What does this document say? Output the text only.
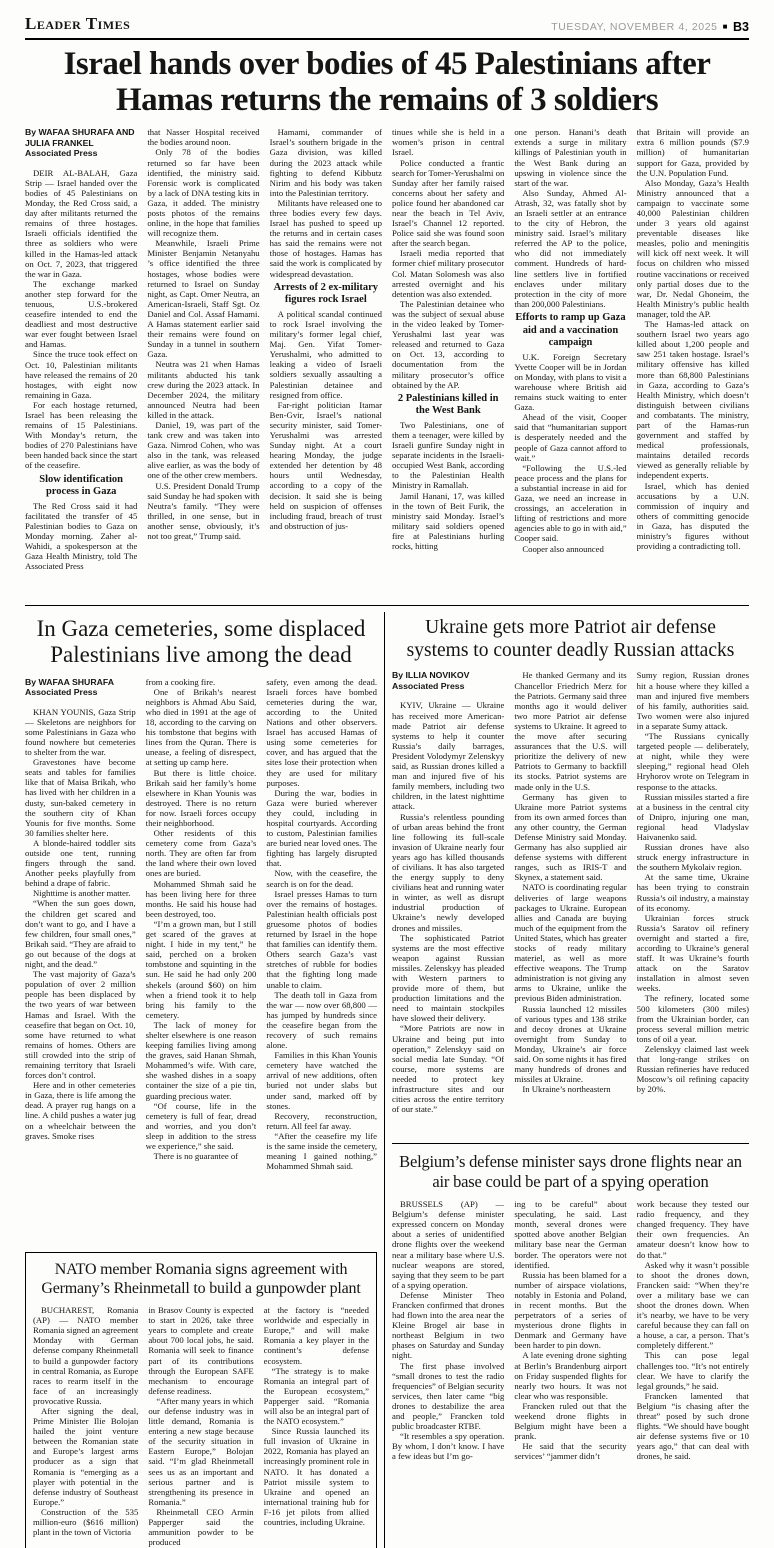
Leader Times	TUESDAY, NOVEMBER 4, 2025 ■ B3
Israel hands over bodies of 45 Palestinians after Hamas returns the remains of 3 soldiers

By WAFAA SHURAFA AND JULIA FRANKEL

Associated Press

DEIR AL-BALAH, Gaza Strip — Israel handed over the bodies of 45 Palestinians on Monday, the Red Cross said, a day after militants returned the remains of three hostages. Israeli officials identified the three as soldiers who were killed in the Hamas-led attack on Oct. 7, 2023, that triggered the war in Gaza.

The exchange marked another step forward for the tenuous, U.S.-brokered ceasefire intended to end the deadliest and most destructive war ever fought between Israel and Hamas.

Since the truce took effect on Oct. 10, Palestinian militants have released the remains of 20 hostages, with eight now remaining in Gaza.

For each hostage returned, Israel has been releasing the remains of 15 Palestinians. With Monday’s return, the bodies of 270 Palestinians have been handed back since the start of the ceasefire.

Slow identification process in Gaza

The Red Cross said it had facilitated the transfer of 45 Palestinian bodies to Gaza on Monday morning. Zaher al-Wahidi, a spokesperson at the Gaza Health Ministry, told The Associated Press

that Nasser Hospital received the bodies around noon.

Only 78 of the bodies returned so far have been identified, the ministry said. Forensic work is complicated by a lack of DNA testing kits in Gaza, it added. The ministry posts photos of the remains online, in the hope that families will recognize them.

Meanwhile, Israeli Prime Minister Benjamin Netanyahu ’s office identified the three hostages, whose bodies were returned to Israel on Sunday night, as Capt. Omer Neutra, an American-Israeli, Staff Sgt. Oz Daniel and Col. Assaf Hamami. A Hamas statement earlier said their remains were found on Sunday in a tunnel in southern Gaza.

Neutra was 21 when Hamas militants abducted his tank crew during the 2023 attack. In December 2024, the military announced Neutra had been killed in the attack.

Daniel, 19, was part of the tank crew and was taken into Gaza. Nimrod Cohen, who was also in the tank, was released alive earlier, as was the body of one of the other crew members.

U.S. President Donald Trump said Sunday he had spoken with Neutra’s family. “They were thrilled, in one sense, but in another sense, obviously, it’s not too great,” Trump said.

Hamami, commander of Israel’s southern brigade in the Gaza division, was killed during the 2023 attack while fighting to defend Kibbutz Nirim and his body was taken into the Palestinian territory.

Militants have released one to three bodies every few days. Israel has pushed to speed up the returns and in certain cases has said the remains were not those of hostages. Hamas has said the work is complicated by widespread devastation.

Arrests of 2 ex-military figures rock Israel

A political scandal continued to rock Israel involving the military’s former legal chief, Maj. Gen. Yifat Tomer-Yerushalmi, who admitted to leaking a video of Israeli soldiers sexually assaulting a Palestinian detainee and resigned from office.

Far-right politician Itamar Ben-Gvir, Israel’s national security minister, said Tomer-Yerushalmi was arrested Sunday night. At a court hearing Monday, the judge extended her detention by 48 hours until Wednesday, according to a copy of the decision. It said she is being held on suspicion of offenses including fraud, breach of trust and obstruction of jus-

tinues while she is held in a women’s prison in central Israel.

Police conducted a frantic search for Tomer-Yerushalmi on Sunday after her family raised concerns about her safety and police found her abandoned car near the beach in Tel Aviv, Israel’s Channel 12 reported. Police said she was found soon after the search began.

Israeli media reported that former chief military prosecutor Col. Matan Solomesh was also arrested overnight and his detention was also extended.

The Palestinian detainee who was the subject of sexual abuse in the video leaked by Tomer-Yerushalmi last year was released and returned to Gaza on Oct. 13, according to documentation from the military prosecutor’s office obtained by the AP.

2 Palestinians killed in the West Bank

Two Palestinians, one of them a teenager, were killed by Israeli gunfire Sunday night in separate incidents in the Israeli-occupied West Bank, according to the Palestinian Health Ministry in Ramallah.

Jamil Hanani, 17, was killed in the town of Beit Furik, the ministry said Monday. Israel’s military said soldiers opened fire at Palestinians hurling rocks, hitting

one person. Hanani’s death extends a surge in military killings of Palestinian youth in the West Bank during an upswing in violence since the start of the war.

Also Sunday, Ahmed Al-Atrash, 32, was fatally shot by an Israeli settler at an entrance to the city of Hebron, the ministry said. Israel’s military referred the AP to the police, who did not immediately comment. Hundreds of hard-line settlers live in fortified enclaves under military protection in the city of more than 200,000 Palestinians.

Efforts to ramp up Gaza aid and a vaccination campaign

U.K. Foreign Secretary Yvette Cooper will be in Jordan on Monday, with plans to visit a warehouse where British aid remains stuck waiting to enter Gaza.

Ahead of the visit, Cooper said that “humanitarian support is desperately needed and the people of Gaza cannot afford to wait.”

“Following the U.S.-led peace process and the plans for a substantial increase in aid for Gaza, we need an increase in crossings, an acceleration in lifting of restrictions and more agencies able to go in with aid,” Cooper said.

Cooper also announced

that Britain will provide an extra 6 million pounds ($7.9 million) of humanitarian support for Gaza, provided by the U.N. Population Fund.

Also Monday, Gaza’s Health Ministry announced that a campaign to vaccinate some 40,000 Palestinian children under 3 years old against preventable diseases like measles, polio and meningitis will kick off next week. It will focus on children who missed routine vaccinations or received only partial doses due to the war, Dr. Nedal Ghoneim, the Health Ministry’s public health manager, told the AP.

The Hamas-led attack on southern Israel two years ago killed about 1,200 people and saw 251 taken hostage. Israel’s military offensive has killed more than 68,800 Palestinians in Gaza, according to Gaza’s Health Ministry, which doesn’t distinguish between civilians and combatants. The ministry, part of the Hamas-run government and staffed by medical professionals, maintains detailed records viewed as generally reliable by independent experts.

Israel, which has denied accusations by a U.N. commission of inquiry and others of committing genocide in Gaza, has disputed the ministry’s figures without providing a contradicting toll.

In Gaza cemeteries, some displaced Palestinians live among the dead

By WAFAA SHURAFA

Associated Press

KHAN YOUNIS, Gaza Strip — Skeletons are neighbors for some Palestinians in Gaza who found nowhere but cemeteries to shelter from the war.

Gravestones have become seats and tables for families like that of Maisa Brikah, who has lived with her children in a dusty, sun-baked cemetery in the southern city of Khan Younis for five months. Some 30 families shelter here.

A blonde-haired toddler sits outside one tent, running fingers through the sand. Another peeks playfully from behind a drape of fabric.

Nighttime is another matter.

“When the sun goes down, the children get scared and don’t want to go, and I have a few children, four small ones,” Brikah said. “They are afraid to go out because of the dogs at night, and the dead.”

The vast majority of Gaza’s population of over 2 million people has been displaced by the two years of war between Hamas and Israel. With the ceasefire that began on Oct. 10, some have returned to what remains of homes. Others are still crowded into the strip of remaining territory that Israeli forces don’t control.

Here and in other cemeteries in Gaza, there is life among the dead. A prayer rug hangs on a line. A child pushes a water jug on a wheelchair between the graves. Smoke rises

from a cooking fire.

One of Brikah’s nearest neighbors is Ahmad Abu Said, who died in 1991 at the age of 18, according to the carving on his tombstone that begins with lines from the Quran. There is unease, a feeling of disrespect, at setting up camp here.

But there is little choice. Brikah said her family’s home elsewhere in Khan Younis was destroyed. There is no return for now. Israeli forces occupy their neighborhood.

Other residents of this cemetery come from Gaza’s north. They are often far from the land where their own loved ones are buried.

Mohammed Shmah said he has been living here for three months. He said his house had been destroyed, too.

“I’m a grown man, but I still get scared of the graves at night. I hide in my tent,” he said, perched on a broken tombstone and squinting in the sun. He said he had only 200 shekels (around $60) on him when a friend took it to help bring his family to the cemetery.

The lack of money for shelter elsewhere is one reason keeping families living among the graves, said Hanan Shmah, Mohammed’s wife. With care, she washed dishes in a soapy container the size of a pie tin, guarding precious water.

“Of course, life in the cemetery is full of fear, dread and worries, and you don’t sleep in addition to the stress we experience,” she said.

There is no guarantee of

safety, even among the dead. Israeli forces have bombed cemeteries during the war, according to the United Nations and other observers. Israel has accused Hamas of using some cemeteries for cover, and has argued that the sites lose their protection when they are used for military purposes.

During the war, bodies in Gaza were buried wherever they could, including in hospital courtyards. According to custom, Palestinian families are buried near loved ones. The fighting has largely disrupted that.

Now, with the ceasefire, the search is on for the dead.

Israel presses Hamas to turn over the remains of hostages. Palestinian health officials post gruesome photos of bodies returned by Israel in the hope that families can identify them. Others search Gaza’s vast stretches of rubble for bodies that the fighting long made unable to claim.

The death toll in Gaza from the war — now over 68,800 — has jumped by hundreds since the ceasefire began from the recovery of such remains alone.

Families in this Khan Younis cemetery have watched the arrival of new additions, often buried not under slabs but under sand, marked off by stones.

Recovery, reconstruction, return. All feel far away.

“After the ceasefire my life is the same inside the cemetery, meaning I gained nothing,” Mohammed Shmah said.

NATO member Romania signs agreement with Germany’s Rheinmetall to build a gunpowder plant

BUCHAREST, Romania (AP) — NATO member Romania signed an agreement Monday with German defense company Rheinmetall to build a gunpowder factory in central Romania, as Europe races to rearm itself in the face of an increasingly provocative Russia.

After signing the deal, Prime Minister Ilie Bolojan hailed the joint venture between the Romanian state and Europe’s largest arms producer as a sign that Romania is “emerging as a player with potential in the defense industry of Southeast Europe.”

Construction of the 535 million-euro ($616 million) plant in the town of Victoria

in Brasov County is expected to start in 2026, take three years to complete and create about 700 local jobs, he said. Romania will seek to finance part of its contributions through the European SAFE mechanism to encourage defense readiness.

“After many years in which our defense industry was in little demand, Romania is entering a new stage because of the security situation in Eastern Europe,” Bolojan said. “I’m glad Rheinmetall sees us as an important and serious partner and is strengthening its presence in Romania.”

Rheinmetall CEO Armin Papperger said the ammunition powder to be produced

at the factory is “needed worldwide and especially in Europe,” and will make Romania a key player in the continent’s defense ecosystem.

“The strategy is to make Romania an integral part of the European ecosystem,” Papperger said. “Romania will also be an integral part of the NATO ecosystem.”

Since Russia launched its full invasion of Ukraine in 2022, Romania has played an increasingly prominent role in NATO. It has donated a Patriot missile system to Ukraine and opened an international training hub for F-16 jet pilots from allied countries, including Ukraine.

Ukraine gets more Patriot air defense systems to counter deadly Russian attacks

By ILLIA NOVIKOV

Associated Press

KYIV, Ukraine — Ukraine has received more American-made Patriot air defense systems to help it counter Russia’s daily barrages, President Volodymyr Zelenskyy said, as Russian drones killed a man and injured five of his family members, including two children, in the latest nighttime attack.

Russia’s relentless pounding of urban areas behind the front line following its full-scale invasion of Ukraine nearly four years ago has killed thousands of civilians. It has also targeted the energy supply to deny civilians heat and running water in winter, as well as disrupt industrial production of Ukraine’s newly developed drones and missiles.

The sophisticated Patriot systems are the most effective weapon against Russian missiles. Zelenskyy has pleaded with Western partners to provide more of them, but production limitations and the need to maintain stockpiles have slowed their delivery.

“More Patriots are now in Ukraine and being put into operation,” Zelenskyy said on social media late Sunday. “Of course, more systems are needed to protect key infrastructure sites and our cities across the entire territory of our state.”

He thanked Germany and its Chancellor Friedrich Merz for the Patriots. Germany said three months ago it would deliver two more Patriot air defense systems to Ukraine. It agreed to the move after securing assurances that the U.S. will prioritize the delivery of new Patriots to Germany to backfill its stocks. Patriot systems are made only in the U.S.

Germany has given to Ukraine more Patriot systems from its own armed forces than any other country, the German Defense Ministry said Monday. Germany has also supplied air defense systems with different ranges, such as IRIS-T and Skynex, a statement said.

NATO is coordinating regular deliveries of large weapons packages to Ukraine. European allies and Canada are buying much of the equipment from the United States, which has greater stocks of ready military materiel, as well as more effective weapons. The Trump administration is not giving any arms to Ukraine, unlike the previous Biden administration.

Russia launched 12 missiles of various types and 138 strike and decoy drones at Ukraine overnight from Sunday to Monday, Ukraine’s air force said. On some nights it has fired many hundreds of drones and missiles at Ukraine.

In Ukraine’s northeastern

Sumy region, Russian drones hit a house where they killed a man and injured five members of his family, authorities said. Two women were also injured in a separate Sumy attack.

“The Russians cynically targeted people — deliberately, at night, while they were sleeping,” regional head Oleh Hryhorov wrote on Telegram in response to the attacks.

Russian missiles started a fire at a business in the central city of Dnipro, injuring one man, regional head Vladyslav Haivanenko said.

Russian drones have also struck energy infrastructure in the southern Mykolaiv region.

At the same time, Ukraine has been trying to constrain Russia’s oil industry, a mainstay of its economy.

Ukrainian forces struck Russia’s Saratov oil refinery overnight and started a fire, according to Ukraine’s general staff. It was Ukraine’s fourth attack on the Saratov installation in almost seven weeks.

The refinery, located some 500 kilometers (300 miles) from the Ukrainian border, can process several million metric tons of oil a year.

Zelenskyy claimed last week that long-range strikes on Russian refineries have reduced Moscow’s oil refining capacity by 20%.

Belgium’s defense minister says drone flights near an air base could be part of a spying operation

BRUSSELS (AP) — Belgium’s defense minister expressed concern on Monday about a series of unidentified drone flights over the weekend near a military base where U.S. nuclear weapons are stored, saying that they seem to be part of a spying operation.

Defense Minister Theo Francken confirmed that drones had flown into the area near the Kleine Brogel air base in northeast Belgium in two phases on Saturday and Sunday night.

The first phase involved “small drones to test the radio frequencies” of Belgian security services, then later came “big drones to destabilize the area and people,” Francken told public broadcaster RTBF.

“It resembles a spy operation. By whom, I don’t know. I have a few ideas but I’m go-

ing to be careful” about speculating, he said. Last month, several drones were spotted above another Belgian military base near the German border. The operators were not identified.

Russia has been blamed for a number of airspace violations, notably in Estonia and Poland, in recent months. But the perpetrators of a series of mysterious drone flights in Denmark and Germany have been harder to pin down.

A late evening drone sighting at Berlin’s Brandenburg airport on Friday suspended flights for nearly two hours. It was not clear who was responsible.

Francken ruled out that the weekend drone flights in Belgium might have been a prank.

He said that the security services’ “jammer didn’t

work because they tested our radio frequency, and they changed frequency. They have their own frequencies. An amateur doesn’t know how to do that.”

Asked why it wasn’t possible to shoot the drones down, Francken said: “When they’re over a military base we can shoot the drones down. When it’s nearby, we have to be very careful because they can fall on a house, a car, a person. That’s completely different.”

This can pose legal challenges too. “It’s not entirely clear. We have to clarify the legal grounds,” he said.

Francken lamented that Belgium “is chasing after the threat” posed by such drone flights. “We should have bought air defense systems five or 10 years ago,” that can deal with drones, he said.
